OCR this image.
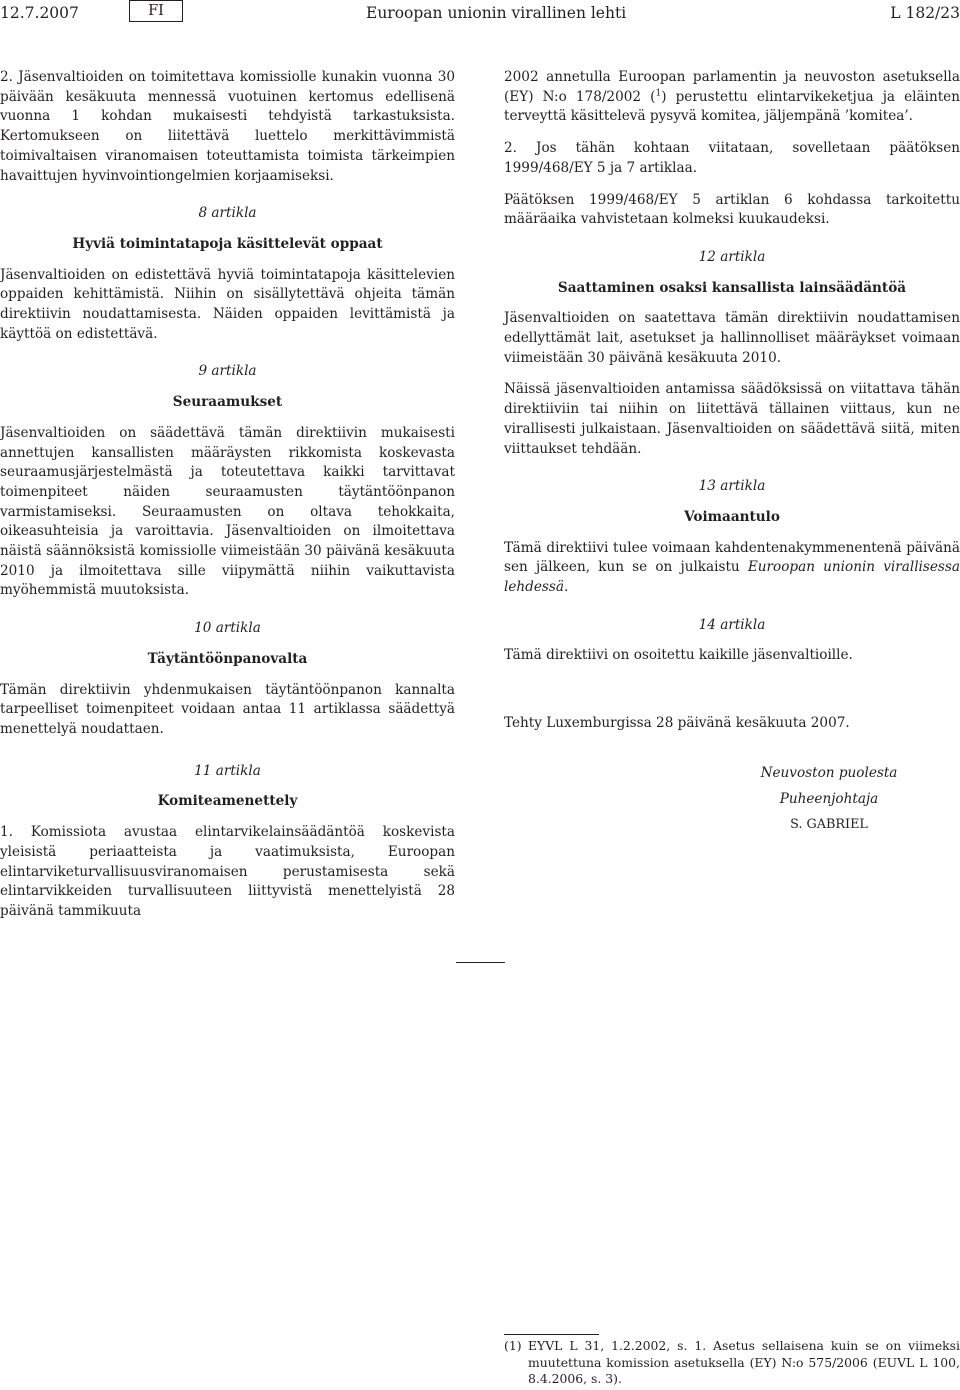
12.7.2007	FI	Euroopan unionin virallinen lehti	L 182/23

2. Jäsenvaltioiden on toimitettava komissiolle kunakin vuonna 30 päivään kesäkuuta mennessä vuotuinen kertomus edellisenä vuonna 1 kohdan mukaisesti tehdyistä tarkastuksista. Kertomukseen on liitettävä luettelo merkittävimmistä toimivaltaisen viranomaisen toteuttamista toimista tärkeimpien havaittujen hyvinvointiongelmien korjaamiseksi.

8 artikla

Hyviä toimintatapoja käsittelevät oppaat

Jäsenvaltioiden on edistettävä hyviä toimintatapoja käsittelevien oppaiden kehittämistä. Niihin on sisällytettävä ohjeita tämän direktiivin noudattamisesta. Näiden oppaiden levittämistä ja käyttöä on edistettävä.

9 artikla

Seuraamukset

Jäsenvaltioiden on säädettävä tämän direktiivin mukaisesti annettujen kansallisten määräysten rikkomista koskevasta seuraamusjärjestelmästä ja toteutettava kaikki tarvittavat toimenpiteet näiden seuraamusten täytäntöönpanon varmistamiseksi. Seuraamusten on oltava tehokkaita, oikeasuhteisia ja varoittavia. Jäsenvaltioiden on ilmoitettava näistä säännöksistä komissiolle viimeistään 30 päivänä kesäkuuta 2010 ja ilmoitettava sille viipymättä niihin vaikuttavista myöhemmistä muutoksista.

10 artikla

Täytäntöönpanovalta

Tämän direktiivin yhdenmukaisen täytäntöönpanon kannalta tarpeelliset toimenpiteet voidaan antaa 11 artiklassa säädettyä menettelyä noudattaen.

11 artikla

Komiteamenettely

1. Komissiota avustaa elintarvikelainsäädäntöä koskevista yleisistä periaatteista ja vaatimuksista, Euroopan elintarviketurvallisuusviranomaisen perustamisesta sekä elintarvikkeiden turvallisuuteen liittyvistä menettelyistä 28 päivänä tammikuuta

2002 annetulla Euroopan parlamentin ja neuvoston asetuksella (EY) N:o 178/2002 ($^1$) perustettu elintarvikeketjua ja eläinten terveyttä käsittelevä pysyvä komitea, jäljempänä ’komitea’.

2. Jos tähän kohtaan viitataan, sovelletaan päätöksen 1999/468/EY 5 ja 7 artiklaa.

Päätöksen 1999/468/EY 5 artiklan 6 kohdassa tarkoitettu määräaika vahvistetaan kolmeksi kuukaudeksi.

12 artikla

Saattaminen osaksi kansallista lainsäädäntöä

Jäsenvaltioiden on saatettava tämän direktiivin noudattamisen edellyttämät lait, asetukset ja hallinnolliset määräykset voimaan viimeistään 30 päivänä kesäkuuta 2010.

Näissä jäsenvaltioiden antamissa säädöksissä on viitattava tähän direktiiviin tai niihin on liitettävä tällainen viittaus, kun ne virallisesti julkaistaan. Jäsenvaltioiden on säädettävä siitä, miten viittaukset tehdään.

13 artikla

Voimaantulo

Tämä direktiivi tulee voimaan kahdentenakymmenentenä päivänä sen jälkeen, kun se on julkaistu Euroopan unionin virallisessa lehdessä.

14 artikla

Tämä direktiivi on osoitettu kaikille jäsenvaltioille.

Tehty Luxemburgissa 28 päivänä kesäkuuta 2007.

Neuvoston puolesta
Puheenjohtaja
S. GABRIEL
(1) EYVL L 31, 1.2.2002, s. 1. Asetus sellaisena kuin se on viimeksi muutettuna komission asetuksella (EY) N:o 575/2006 (EUVL L 100, 8.4.2006, s. 3).
